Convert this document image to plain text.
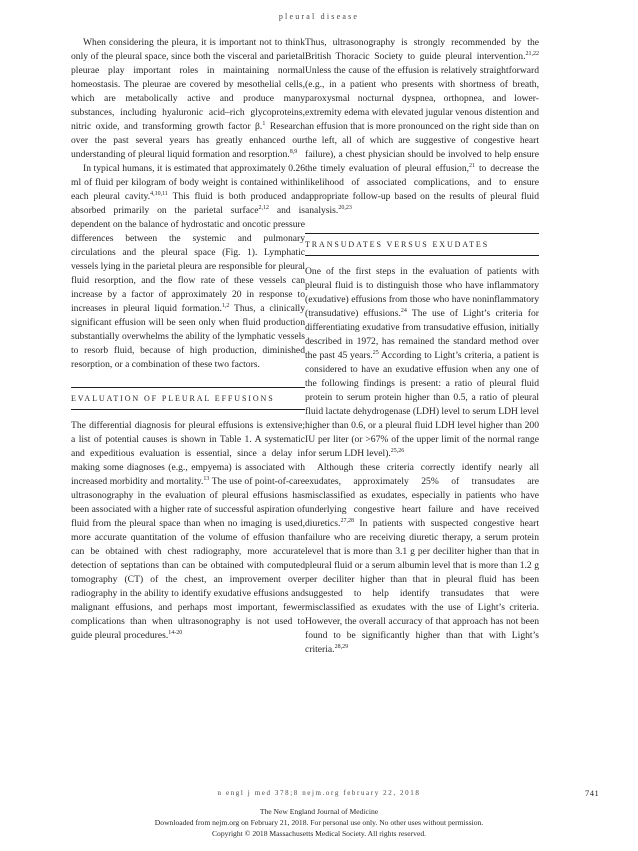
pleural disease

When considering the pleura, it is important not to think only of the pleural space, since both the visceral and parietal pleurae play important roles in maintaining normal homeostasis. The pleurae are covered by mesothelial cells, which are metabolically active and produce many substances, including hyaluronic acid–rich glycoproteins, nitric oxide, and transforming growth factor β.$^1$ Research over the past several years has greatly enhanced our understanding of pleural liquid formation and resorption.$^{8,9}$

In typical humans, it is estimated that approximately 0.26 ml of fluid per kilogram of body weight is contained within each pleural cavity.$^{4,10,11}$ This fluid is both produced and absorbed primarily on the parietal surface$^{2,12}$ and is dependent on the balance of hydrostatic and oncotic pressure differences between the systemic and pulmonary circulations and the pleural space (Fig. 1). Lymphatic vessels lying in the parietal pleura are responsible for pleural fluid resorption, and the flow rate of these vessels can increase by a factor of approximately 20 in response to increases in pleural liquid formation.$^{1,2}$ Thus, a clinically significant effusion will be seen only when fluid production substantially overwhelms the ability of the lymphatic vessels to resorb fluid, because of high production, diminished resorption, or a combination of these two factors.

EVALUATION OF PLEURAL EFFUSIONS

The differential diagnosis for pleural effusions is extensive; a list of potential causes is shown in Table 1. A systematic and expeditious evaluation is essential, since a delay in making some diagnoses (e.g., empyema) is associated with increased morbidity and mortality.$^{13}$ The use of point-of-care ultrasonography in the evaluation of pleural effusions has been associated with a higher rate of successful aspiration of fluid from the pleural space than when no imaging is used, more accurate quantitation of the volume of effusion than can be obtained with chest radiography, more accurate detection of septations than can be obtained with computed tomography (CT) of the chest, an improvement over radiography in the ability to identify exudative effusions and malignant effusions, and perhaps most important, fewer complications than when ultrasonography is not used to guide pleural procedures.$^{14-20}$

Thus, ultrasonography is strongly recommended by the British Thoracic Society to guide pleural intervention.$^{21,22}$ Unless the cause of the effusion is relatively straightforward (e.g., in a patient who presents with shortness of breath, paroxysmal nocturnal dyspnea, orthopnea, and lower-extremity edema with elevated jugular venous distention and an effusion that is more pronounced on the right side than on the left, all of which are suggestive of congestive heart failure), a chest physician should be involved to help ensure the timely evaluation of pleural effusion,$^{21}$ to decrease the likelihood of associated complications, and to ensure appropriate follow-up based on the results of pleural fluid analysis.$^{20,23}$

TRANSUDATES VERSUS EXUDATES

One of the first steps in the evaluation of patients with pleural fluid is to distinguish those who have inflammatory (exudative) effusions from those who have noninflammatory (transudative) effusions.$^{24}$ The use of Light’s criteria for differentiating exudative from transudative effusion, initially described in 1972, has remained the standard method over the past 45 years.$^{25}$ According to Light’s criteria, a patient is considered to have an exudative effusion when any one of the following findings is present: a ratio of pleural fluid protein to serum protein higher than 0.5, a ratio of pleural fluid lactate dehydrogenase (LDH) level to serum LDH level higher than 0.6, or a pleural fluid LDH level higher than 200 IU per liter (or >67% of the upper limit of the normal range for serum LDH level).$^{25,26}$

Although these criteria correctly identify nearly all exudates, approximately 25% of transudates are misclassified as exudates, especially in patients who have underlying congestive heart failure and have received diuretics.$^{27,28}$ In patients with suspected congestive heart failure who are receiving diuretic therapy, a serum protein level that is more than 3.1 g per deciliter higher than that in pleural fluid or a serum albumin level that is more than 1.2 g per deciliter higher than that in pleural fluid has been suggested to help identify transudates that were misclassified as exudates with the use of Light’s criteria. However, the overall accuracy of that approach has not been found to be significantly higher than that with Light’s criteria.$^{28,29}$

n engl j med 378;8 nejm.org february 22, 2018	741
The New England Journal of Medicine
Downloaded from nejm.org on February 21, 2018. For personal use only. No other uses without permission.
Copyright © 2018 Massachusetts Medical Society. All rights reserved.
